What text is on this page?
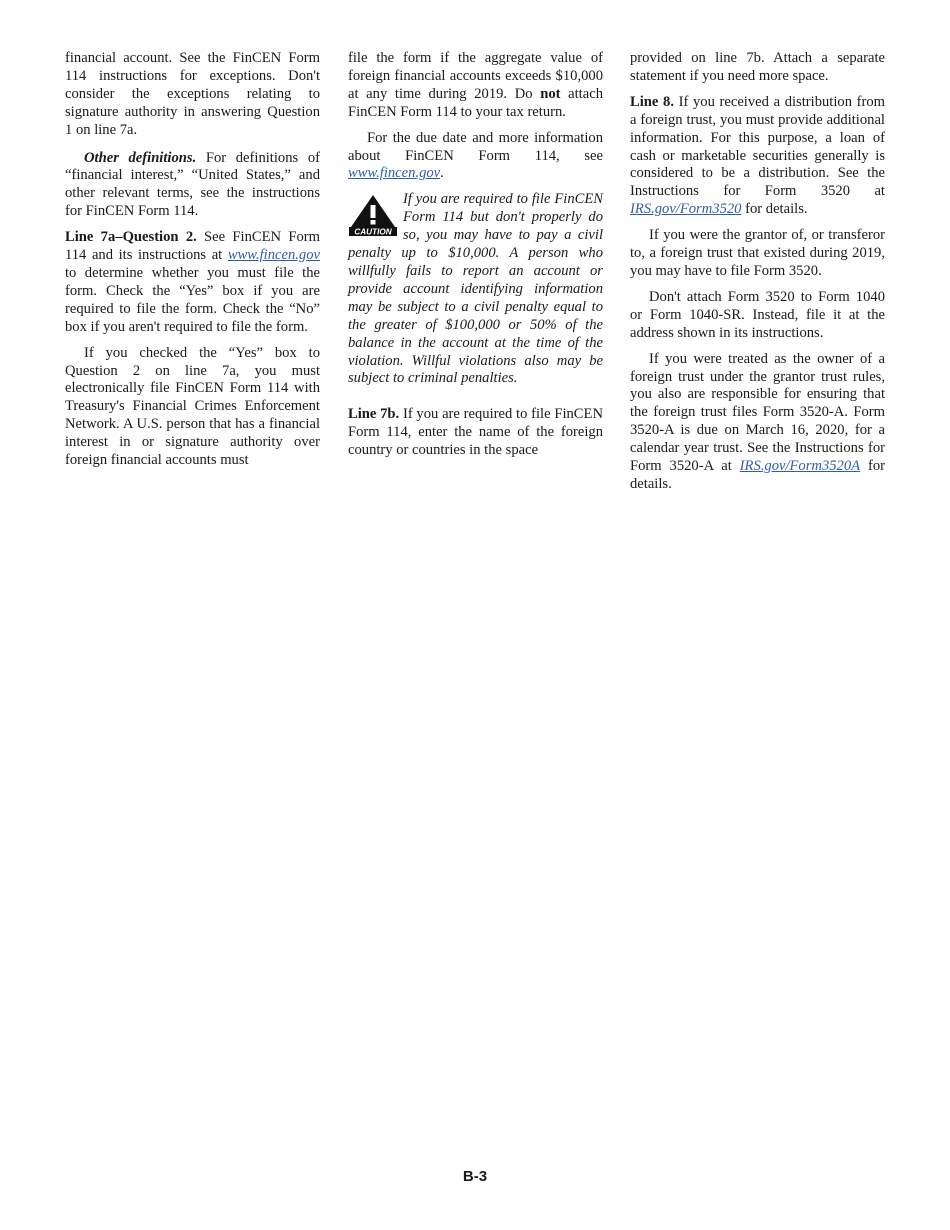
financial account. See the FinCEN Form 114 instructions for exceptions. Don't consider the exceptions relating to signature authority in answering Question 1 on line 7a.

Other definitions. For definitions of “financial interest,” “United States,” and other relevant terms, see the instructions for FinCEN Form 114.

Line 7a–Question 2. See FinCEN Form 114 and its instructions at www.fincen.gov to determine whether you must file the form. Check the “Yes” box if you are required to file the form. Check the “No” box if you aren't required to file the form.

If you checked the “Yes” box to Question 2 on line 7a, you must electronically file FinCEN Form 114 with Treasury's Financial Crimes Enforcement Network. A U.S. person that has a financial interest in or signature authority over foreign financial accounts must

file the form if the aggregate value of foreign financial accounts exceeds $10,000 at any time during 2019. Do not attach FinCEN Form 114 to your tax return.

For the due date and more information about FinCEN Form 114, see www.fincen.gov.

CAUTION
If you are required to file FinCEN Form 114 but don't properly do so, you may have to pay a civil penalty up to $10,000. A person who willfully fails to report an account or provide account identifying information may be subject to a civil penalty equal to the greater of $100,000 or 50% of the balance in the account at the time of the violation. Willful violations also may be subject to criminal penalties.

Line 7b. If you are required to file FinCEN Form 114, enter the name of the foreign country or countries in the space

provided on line 7b. Attach a separate statement if you need more space.

Line 8. If you received a distribution from a foreign trust, you must provide additional information. For this purpose, a loan of cash or marketable securities generally is considered to be a distribution. See the Instructions for Form 3520 at IRS.gov/Form3520 for details.

If you were the grantor of, or transferor to, a foreign trust that existed during 2019, you may have to file Form 3520.

Don't attach Form 3520 to Form 1040 or Form 1040-SR. Instead, file it at the address shown in its instructions.

If you were treated as the owner of a foreign trust under the grantor trust rules, you also are responsible for ensuring that the foreign trust files Form 3520-A. Form 3520-A is due on March 16, 2020, for a calendar year trust. See the Instructions for Form 3520-A at IRS.gov/Form3520A for details.

B-3
